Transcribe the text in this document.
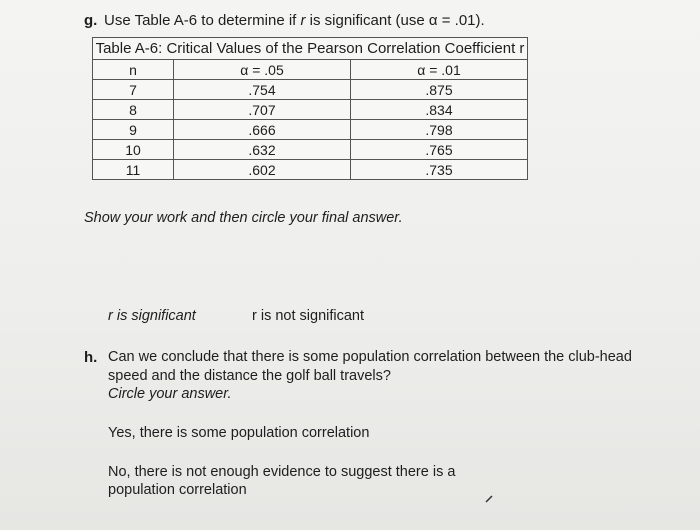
g. Use Table A-6 to determine if r is significant (use α = .01).
Table A-6: Critical Values of the Pearson Correlation Coefficient r		
n	α = .05	α = .01
7	.754	.875
8	.707	.834
9	.666	.798
10	.632	.765
11	.602	.735
Show your work and then circle your final answer.
r is significant	r is not significant
h. Can we conclude that there is some population correlation between the club-head
speed and the distance the golf ball travels?
Circle your answer.
Yes, there is some population correlation
No, there is not enough evidence to suggest there is a
population correlation
